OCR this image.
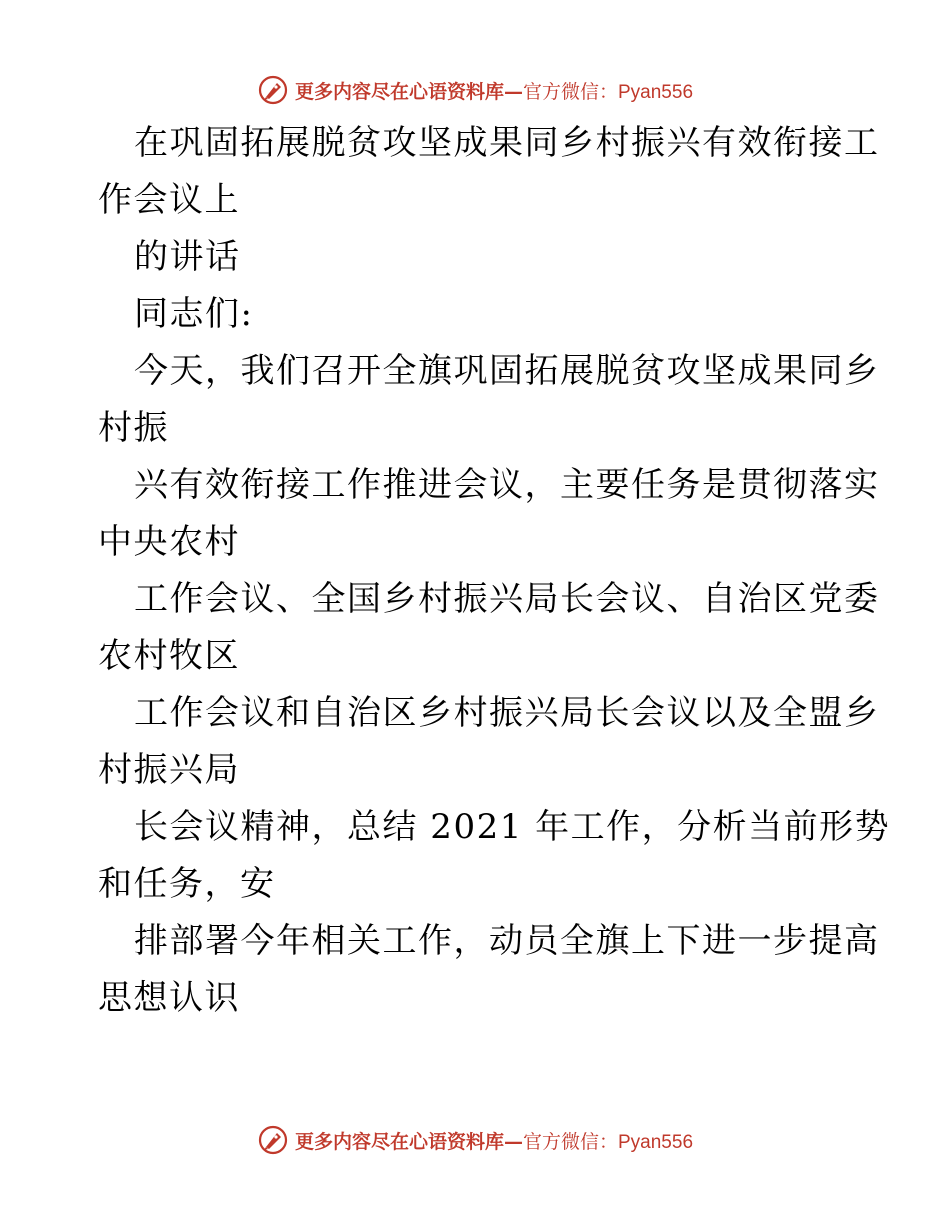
更多内容尽在心语资料库—官方微信：Pyan556
在巩固拓展脱贫攻坚成果同乡村振兴有效衔接工
作会议上
的讲话
同志们:
今天，我们召开全旗巩固拓展脱贫攻坚成果同乡
村振
兴有效衔接工作推进会议，主要任务是贯彻落实
中央农村
工作会议、全国乡村振兴局长会议、自治区党委
农村牧区
工作会议和自治区乡村振兴局长会议以及全盟乡
村振兴局
长会议精神，总结 2021 年工作，分析当前形势
和任务，安
排部署今年相关工作，动员全旗上下进一步提高
思想认识
更多内容尽在心语资料库—官方微信：Pyan556
